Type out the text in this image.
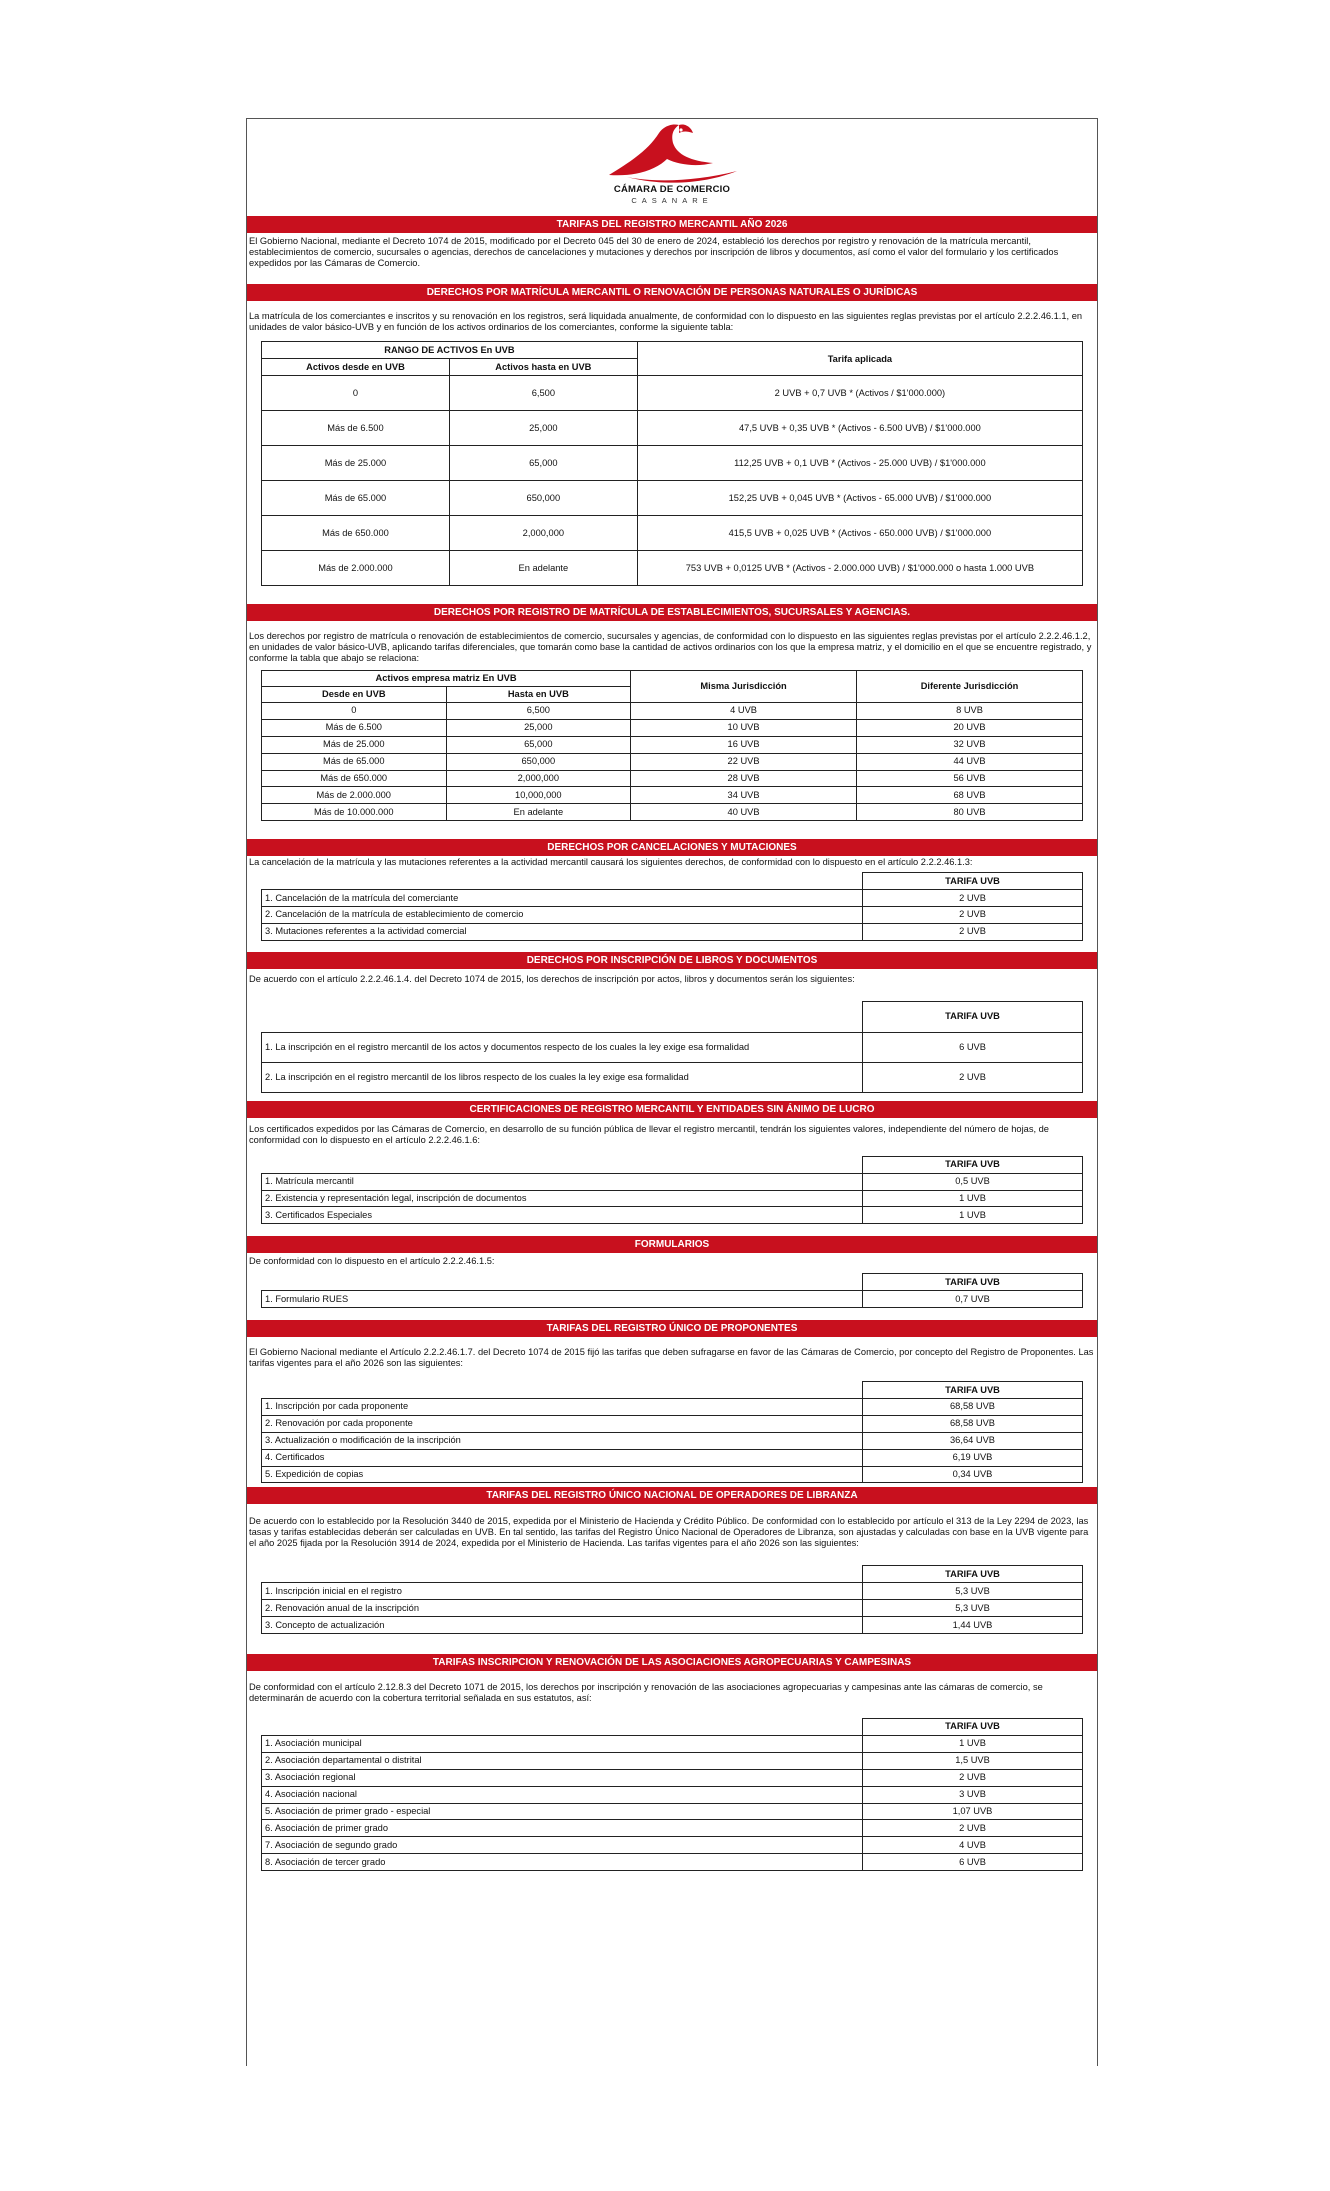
CÁMARA DE COMERCIO
CASANARE
TARIFAS DEL REGISTRO MERCANTIL AÑO 2026
El Gobierno Nacional, mediante el Decreto 1074 de 2015, modificado por el Decreto 045 del 30 de enero de 2024, estableció los derechos por registro y renovación de la matrícula mercantil, establecimientos de comercio, sucursales o agencias, derechos de cancelaciones y mutaciones y derechos por inscripción de libros y documentos, así como el valor del formulario y los certificados expedidos por las Cámaras de Comercio.
DERECHOS POR MATRÍCULA MERCANTIL O RENOVACIÓN DE PERSONAS NATURALES O JURÍDICAS
La matrícula de los comerciantes e inscritos y su renovación en los registros, será liquidada anualmente, de conformidad con lo dispuesto en las siguientes reglas previstas por el artículo 2.2.2.46.1.1, en unidades de valor básico-UVB y en función de los activos ordinarios de los comerciantes, conforme la siguiente tabla:
RANGO DE ACTIVOS En UVB		Tarifa aplicada
Activos desde en UVB	Activos hasta en UVB	
0	6,500	2 UVB + 0,7 UVB * (Activos / $1'000.000)
Más de 6.500	25,000	47,5 UVB + 0,35 UVB * (Activos - 6.500 UVB) / $1'000.000
Más de 25.000	65,000	112,25 UVB + 0,1 UVB * (Activos - 25.000 UVB) / $1'000.000
Más de 65.000	650,000	152,25 UVB + 0,045 UVB * (Activos - 65.000 UVB) / $1'000.000
Más de 650.000	2,000,000	415,5 UVB + 0,025 UVB * (Activos - 650.000 UVB) / $1'000.000
Más de 2.000.000	En adelante	753 UVB + 0,0125 UVB * (Activos - 2.000.000 UVB) / $1'000.000 o hasta 1.000 UVB
DERECHOS POR REGISTRO DE MATRÍCULA DE ESTABLECIMIENTOS, SUCURSALES Y AGENCIAS.
Los derechos por registro de matrícula o renovación de establecimientos de comercio, sucursales y agencias, de conformidad con lo dispuesto en las siguientes reglas previstas por el artículo 2.2.2.46.1.2, en unidades de valor básico-UVB, aplicando tarifas diferenciales, que tomarán como base la cantidad de activos ordinarios con los que la empresa matriz, y el domicilio en el que se encuentre registrado, y conforme la tabla que abajo se relaciona:
Activos empresa matriz En UVB		Misma Jurisdicción	Diferente Jurisdicción
Desde en UVB	Hasta en UVB		
0	6,500	4 UVB	8 UVB
Más de 6.500	25,000	10 UVB	20 UVB
Más de 25.000	65,000	16 UVB	32 UVB
Más de 65.000	650,000	22 UVB	44 UVB
Más de 650.000	2,000,000	28 UVB	56 UVB
Más de 2.000.000	10,000,000	34 UVB	68 UVB
Más de 10.000.000	En adelante	40 UVB	80 UVB
DERECHOS POR CANCELACIONES Y MUTACIONES
La cancelación de la matrícula y las mutaciones referentes a la actividad mercantil causará los siguientes derechos, de conformidad con lo dispuesto en el artículo 2.2.2.46.1.3:
	TARIFA UVB
1. Cancelación de la matrícula del comerciante	2 UVB
2. Cancelación de la matrícula de establecimiento de comercio	2 UVB
3. Mutaciones referentes a la actividad comercial	2 UVB
DERECHOS POR INSCRIPCIÓN DE LIBROS Y DOCUMENTOS
De acuerdo con el artículo 2.2.2.46.1.4. del Decreto 1074 de 2015, los derechos de inscripción por actos, libros y documentos serán los siguientes:
	TARIFA UVB
1. La inscripción en el registro mercantil de los actos y documentos respecto de los cuales la ley exige esa formalidad	6 UVB
2. La inscripción en el registro mercantil de los libros respecto de los cuales la ley exige esa formalidad	2 UVB
CERTIFICACIONES DE REGISTRO MERCANTIL Y ENTIDADES SIN ÁNIMO DE LUCRO
Los certificados expedidos por las Cámaras de Comercio, en desarrollo de su función pública de llevar el registro mercantil, tendrán los siguientes valores, independiente del número de hojas, de conformidad con lo dispuesto en el artículo 2.2.2.46.1.6:
	TARIFA UVB
1. Matrícula mercantil	0,5 UVB
2. Existencia y representación legal, inscripción de documentos	1 UVB
3. Certificados Especiales	1 UVB
FORMULARIOS
De conformidad con lo dispuesto en el artículo 2.2.2.46.1.5:
	TARIFA UVB
1. Formulario RUES	0,7 UVB
TARIFAS DEL REGISTRO ÚNICO DE PROPONENTES
El Gobierno Nacional mediante el Artículo 2.2.2.46.1.7. del Decreto 1074 de 2015 fijó las tarifas que deben sufragarse en favor de las Cámaras de Comercio, por concepto del Registro de Proponentes. Las tarifas vigentes para el año 2026 son las siguientes:
	TARIFA UVB
1. Inscripción por cada proponente	68,58 UVB
2. Renovación por cada proponente	68,58 UVB
3. Actualización o modificación de la inscripción	36,64 UVB
4. Certificados	6,19 UVB
5. Expedición de copias	0,34 UVB
TARIFAS DEL REGISTRO ÚNICO NACIONAL DE OPERADORES DE LIBRANZA
De acuerdo con lo establecido por la Resolución 3440 de 2015, expedida por el Ministerio de Hacienda y Crédito Público. De conformidad con lo establecido por artículo el 313 de la Ley 2294 de 2023, las tasas y tarifas establecidas deberán ser calculadas en UVB. En tal sentido, las tarifas del Registro Único Nacional de Operadores de Libranza, son ajustadas y calculadas con base en la UVB vigente para el año 2025 fijada por la Resolución 3914 de 2024, expedida por el Ministerio de Hacienda. Las tarifas vigentes para el año 2026 son las siguientes:
	TARIFA UVB
1. Inscripción inicial en el registro	5,3 UVB
2. Renovación anual de la inscripción	5,3 UVB
3. Concepto de actualización	1,44 UVB
TARIFAS INSCRIPCION Y RENOVACIÓN DE LAS ASOCIACIONES AGROPECUARIAS Y CAMPESINAS
De conformidad con el artículo 2.12.8.3 del Decreto 1071 de 2015, los derechos por inscripción y renovación de las asociaciones agropecuarias y campesinas ante las cámaras de comercio, se determinarán de acuerdo con la cobertura territorial señalada en sus estatutos, así:
	TARIFA UVB
1. Asociación municipal	1 UVB
2. Asociación departamental o distrital	1,5 UVB
3. Asociación regional	2 UVB
4. Asociación nacional	3 UVB
5. Asociación de primer grado - especial	1,07 UVB
6. Asociación de primer grado	2 UVB
7. Asociación de segundo grado	4 UVB
8. Asociación de tercer grado	6 UVB
